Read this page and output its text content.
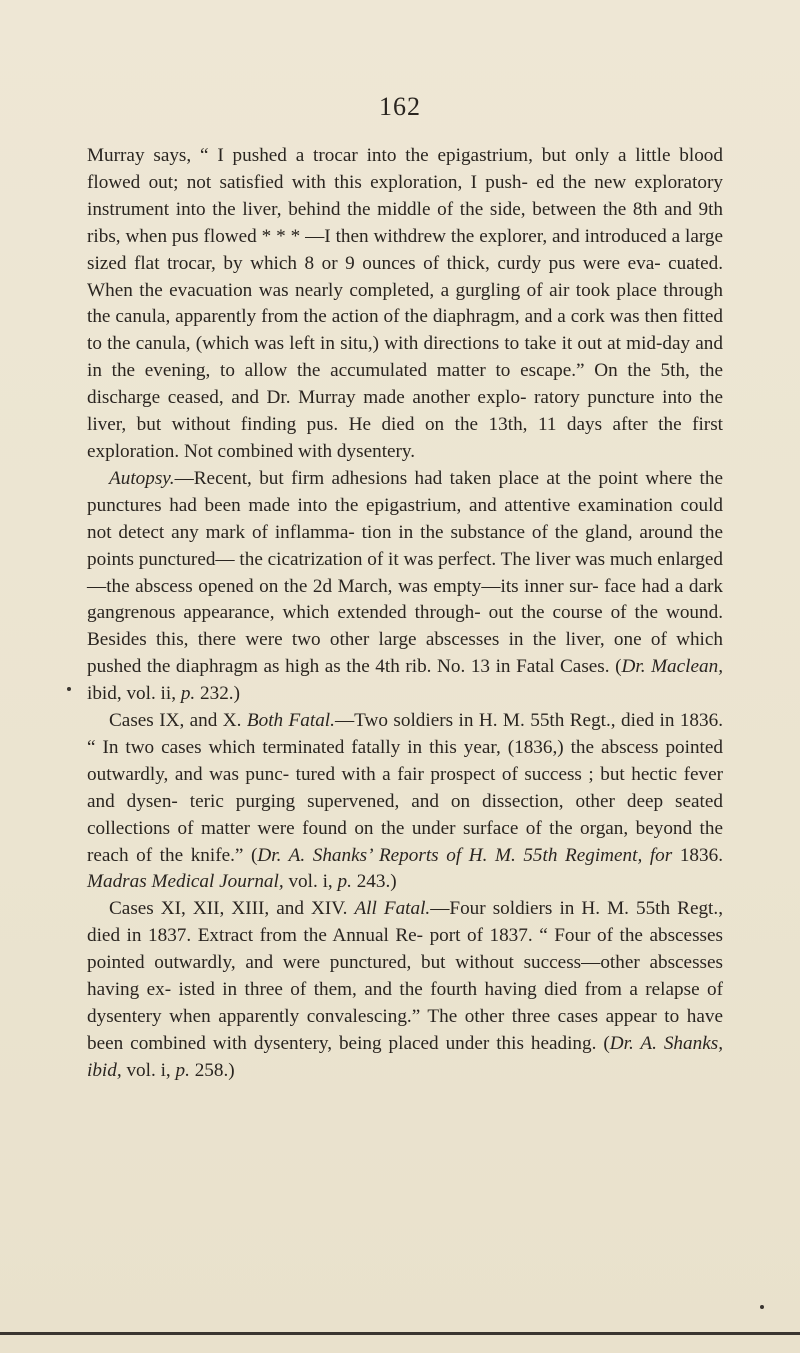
162

Murray says, “ I pushed a trocar into the epigastrium, but only a little blood flowed out; not satisfied with this exploration, I push- ed the new exploratory instrument into the liver, behind the middle of the side, between the 8th and 9th ribs, when pus flowed * * * —I then withdrew the explorer, and introduced a large sized flat trocar, by which 8 or 9 ounces of thick, curdy pus were eva- cuated. When the evacuation was nearly completed, a gurgling of air took place through the canula, apparently from the action of the diaphragm, and a cork was then fitted to the canula, (which was left in situ,) with directions to take it out at mid-day and in the evening, to allow the accumulated matter to escape.” On the 5th, the discharge ceased, and Dr. Murray made another explo- ratory puncture into the liver, but without finding pus. He died on the 13th, 11 days after the first exploration. Not combined with dysentery.

Autopsy.—Recent, but firm adhesions had taken place at the point where the punctures had been made into the epigastrium, and attentive examination could not detect any mark of inflamma- tion in the substance of the gland, around the points punctured— the cicatrization of it was perfect. The liver was much enlarged —the abscess opened on the 2d March, was empty—its inner sur- face had a dark gangrenous appearance, which extended through- out the course of the wound. Besides this, there were two other large abscesses in the liver, one of which pushed the diaphragm as high as the 4th rib. No. 13 in Fatal Cases. (Dr. Maclean, ibid, vol. ii, p. 232.)

Cases IX, and X. Both Fatal.—Two soldiers in H. M. 55th Regt., died in 1836. “ In two cases which terminated fatally in this year, (1836,) the abscess pointed outwardly, and was punc- tured with a fair prospect of success ; but hectic fever and dysen- teric purging supervened, and on dissection, other deep seated collections of matter were found on the under surface of the organ, beyond the reach of the knife.” (Dr. A. Shanks’ Reports of H. M. 55th Regiment, for 1836. Madras Medical Journal, vol. i, p. 243.)

Cases XI, XII, XIII, and XIV. All Fatal.—Four soldiers in H. M. 55th Regt., died in 1837. Extract from the Annual Re- port of 1837. “ Four of the abscesses pointed outwardly, and were punctured, but without success—other abscesses having ex- isted in three of them, and the fourth having died from a relapse of dysentery when apparently convalescing.” The other three cases appear to have been combined with dysentery, being placed under this heading. (Dr. A. Shanks, ibid, vol. i, p. 258.)
